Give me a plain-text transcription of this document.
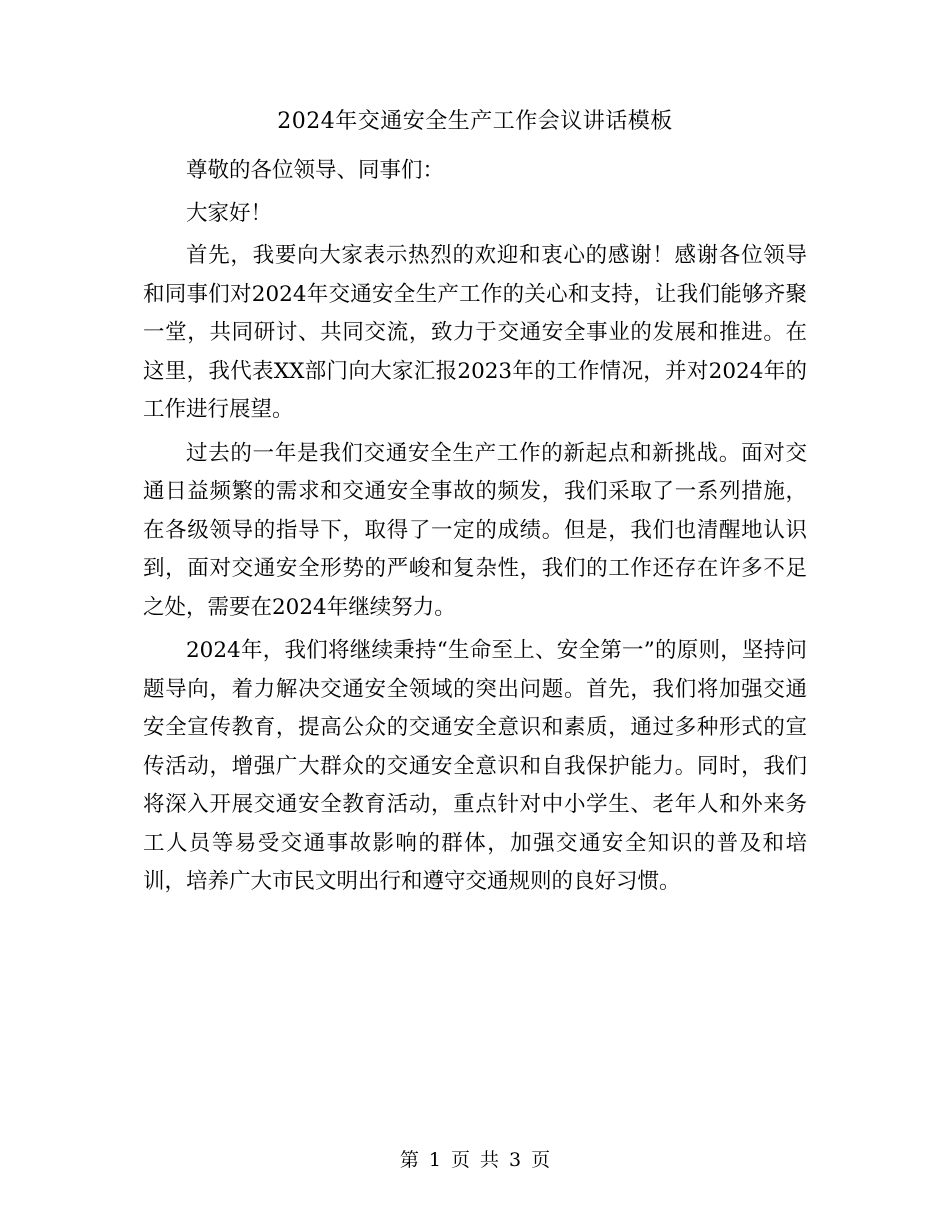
2024年交通安全生产工作会议讲话模板

尊敬的各位领导、同事们：

大家好！

首先，我要向大家表示热烈的欢迎和衷心的感谢！感谢各位领导和同事们对2024年交通安全生产工作的关心和支持，让我们能够齐聚一堂，共同研讨、共同交流，致力于交通安全事业的发展和推进。在这里，我代表XX部门向大家汇报2023年的工作情况，并对2024年的工作进行展望。

过去的一年是我们交通安全生产工作的新起点和新挑战。面对交通日益频繁的需求和交通安全事故的频发，我们采取了一系列措施，在各级领导的指导下，取得了一定的成绩。但是，我们也清醒地认识到，面对交通安全形势的严峻和复杂性，我们的工作还存在许多不足之处，需要在2024年继续努力。

2024年，我们将继续秉持“生命至上、安全第一”的原则，坚持问题导向，着力解决交通安全领域的突出问题。首先，我们将加强交通安全宣传教育，提高公众的交通安全意识和素质，通过多种形式的宣传活动，增强广大群众的交通安全意识和自我保护能力。同时，我们将深入开展交通安全教育活动，重点针对中小学生、老年人和外来务工人员等易受交通事故影响的群体，加强交通安全知识的普及和培训，培养广大市民文明出行和遵守交通规则的良好习惯。

第 1 页 共 3 页
